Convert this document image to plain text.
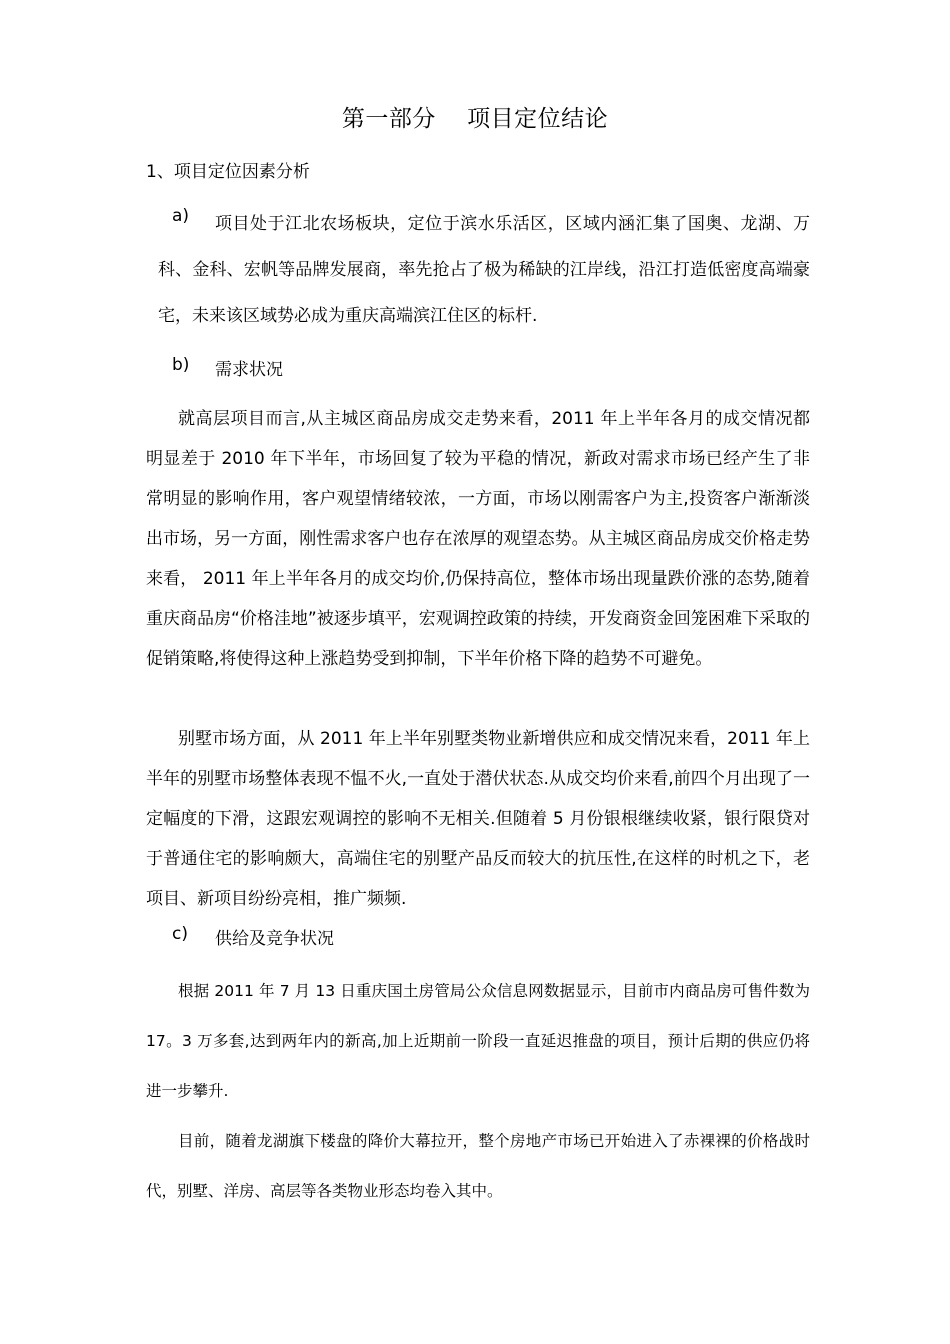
第一部分    项目定位结论
1、项目定位因素分析
a)	项目处于江北农场板块，定位于滨水乐活区，区域内涵汇集了国奥、龙湖、万科、金科、宏帆等品牌发展商，率先抢占了极为稀缺的江岸线，沿江打造低密度高端豪宅，未来该区域势必成为重庆高端滨江住区的标杆.
b) 需求状况
就高层项目而言,从主城区商品房成交走势来看，2011 年上半年各月的成交情况都明显差于 2010 年下半年，市场回复了较为平稳的情况，新政对需求市场已经产生了非常明显的影响作用，客户观望情绪较浓，一方面，市场以刚需客户为主,投资客户渐渐淡出市场，另一方面，刚性需求客户也存在浓厚的观望态势。从主城区商品房成交价格走势来看， 2011 年上半年各月的成交均价,仍保持高位，整体市场出现量跌价涨的态势,随着重庆商品房“价格洼地”被逐步填平，宏观调控政策的持续，开发商资金回笼困难下采取的促销策略,将使得这种上涨趋势受到抑制，下半年价格下降的趋势不可避免。
别墅市场方面，从 2011 年上半年别墅类物业新增供应和成交情况来看，2011 年上半年的别墅市场整体表现不愠不火,一直处于潜伏状态.从成交均价来看,前四个月出现了一定幅度的下滑，这跟宏观调控的影响不无相关.但随着 5 月份银根继续收紧，银行限贷对于普通住宅的影响颇大，高端住宅的别墅产品反而较大的抗压性,在这样的时机之下，老项目、新项目纷纷亮相，推广频频.
c) 供给及竞争状况
根据 2011 年 7 月 13 日重庆国土房管局公众信息网数据显示，目前市内商品房可售件数为 17。3 万多套,达到两年内的新高,加上近期前一阶段一直延迟推盘的项目，预计后期的供应仍将进一步攀升.
目前，随着龙湖旗下楼盘的降价大幕拉开，整个房地产市场已开始进入了赤裸裸的价格战时代，别墅、洋房、高层等各类物业形态均卷入其中。
